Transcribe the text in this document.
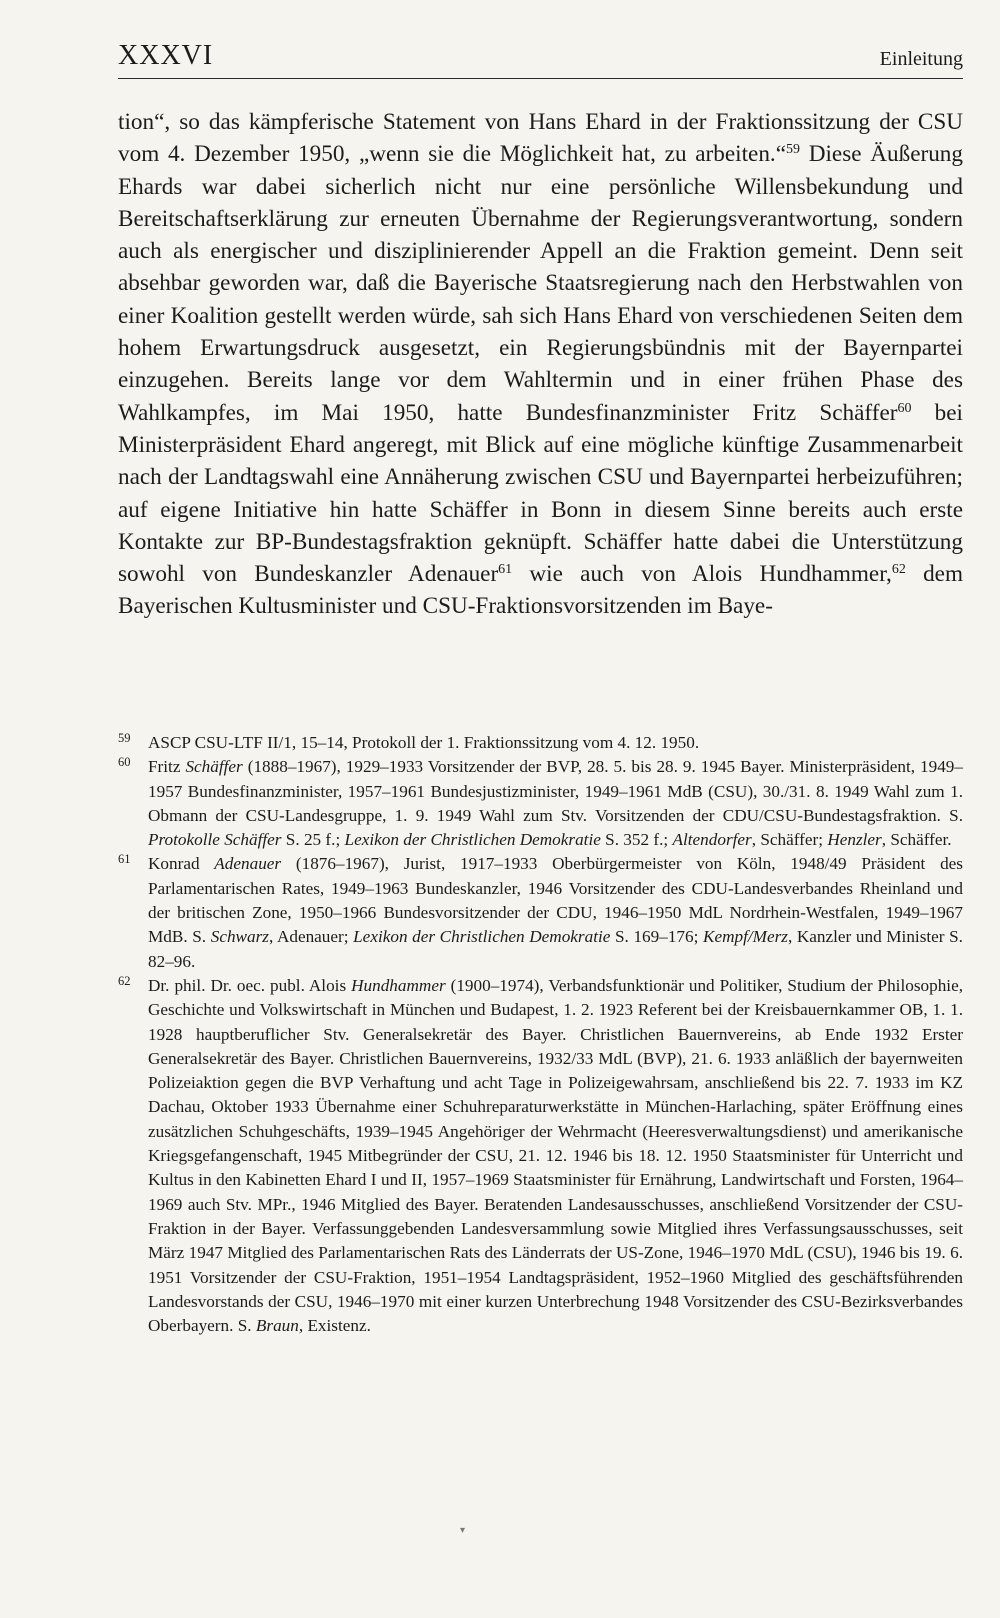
XXXVI	Einleitung

tion“, so das kämpferische Statement von Hans Ehard in der Fraktionssitzung der CSU vom 4. Dezember 1950, „wenn sie die Möglichkeit hat, zu arbeiten.“$^{59}$ Diese Äußerung Ehards war dabei sicherlich nicht nur eine persönliche Willensbekundung und Bereitschaftserklärung zur erneuten Übernahme der Regierungsverantwortung, sondern auch als energischer und disziplinierender Appell an die Fraktion gemeint. Denn seit absehbar geworden war, daß die Bayerische Staatsregierung nach den Herbstwahlen von einer Koalition gestellt werden würde, sah sich Hans Ehard von verschiedenen Seiten dem hohem Erwartungsdruck ausgesetzt, ein Regierungsbündnis mit der Bayernpartei einzugehen. Bereits lange vor dem Wahltermin und in einer frühen Phase des Wahlkampfes, im Mai 1950, hatte Bundesfinanzminister Fritz Schäffer$^{60}$ bei Ministerpräsident Ehard angeregt, mit Blick auf eine mögliche künftige Zusammenarbeit nach der Landtagswahl eine Annäherung zwischen CSU und Bayernpartei herbeizuführen; auf eigene Initiative hin hatte Schäffer in Bonn in diesem Sinne bereits auch erste Kontakte zur BP-Bundestagsfraktion geknüpft. Schäffer hatte dabei die Unterstützung sowohl von Bundeskanzler Adenauer$^{61}$ wie auch von Alois Hundhammer,$^{62}$ dem Bayerischen Kultusminister und CSU-Fraktionsvorsitzenden im Baye-

59 ASCP CSU-LTF II/1, 15–14, Protokoll der 1. Fraktionssitzung vom 4. 12. 1950.
60 Fritz Schäffer (1888–1967), 1929–1933 Vorsitzender der BVP, 28. 5. bis 28. 9. 1945 Bayer. Ministerpräsident, 1949–1957 Bundesfinanzminister, 1957–1961 Bundesjustizminister, 1949–1961 MdB (CSU), 30./31. 8. 1949 Wahl zum 1. Obmann der CSU-Landesgruppe, 1. 9. 1949 Wahl zum Stv. Vorsitzenden der CDU/CSU-Bundestagsfraktion. S. Protokolle Schäffer S. 25 f.; Lexikon der Christlichen Demokratie S. 352 f.; Altendorfer, Schäffer; Henzler, Schäffer.
61 Konrad Adenauer (1876–1967), Jurist, 1917–1933 Oberbürgermeister von Köln, 1948/49 Präsident des Parlamentarischen Rates, 1949–1963 Bundeskanzler, 1946 Vorsitzender des CDU-Landesverbandes Rheinland und der britischen Zone, 1950–1966 Bundesvorsitzender der CDU, 1946–1950 MdL Nordrhein-Westfalen, 1949–1967 MdB. S. Schwarz, Adenauer; Lexikon der Christlichen Demokratie S. 169–176; Kempf/Merz, Kanzler und Minister S. 82–96.
62 Dr. phil. Dr. oec. publ. Alois Hundhammer (1900–1974), Verbandsfunktionär und Politiker, Studium der Philosophie, Geschichte und Volkswirtschaft in München und Budapest, 1. 2. 1923 Referent bei der Kreisbauernkammer OB, 1. 1. 1928 hauptberuflicher Stv. Generalsekretär des Bayer. Christlichen Bauernvereins, ab Ende 1932 Erster Generalsekretär des Bayer. Christlichen Bauernvereins, 1932/33 MdL (BVP), 21. 6. 1933 anläßlich der bayernweiten Polizeiaktion gegen die BVP Verhaftung und acht Tage in Polizeigewahrsam, anschließend bis 22. 7. 1933 im KZ Dachau, Oktober 1933 Übernahme einer Schuhreparaturwerkstätte in München-Harlaching, später Eröffnung eines zusätzlichen Schuhgeschäfts, 1939–1945 Angehöriger der Wehrmacht (Heeresverwaltungsdienst) und amerikanische Kriegsgefangenschaft, 1945 Mitbegründer der CSU, 21. 12. 1946 bis 18. 12. 1950 Staatsminister für Unterricht und Kultus in den Kabinetten Ehard I und II, 1957–1969 Staatsminister für Ernährung, Landwirtschaft und Forsten, 1964–1969 auch Stv. MPr., 1946 Mitglied des Bayer. Beratenden Landesausschusses, anschließend Vorsitzender der CSU-Fraktion in der Bayer. Verfassunggebenden Landesversammlung sowie Mitglied ihres Verfassungsausschusses, seit März 1947 Mitglied des Parlamentarischen Rats des Länderrats der US-Zone, 1946–1970 MdL (CSU), 1946 bis 19. 6. 1951 Vorsitzender der CSU-Fraktion, 1951–1954 Landtagspräsident, 1952–1960 Mitglied des geschäftsführenden Landesvorstands der CSU, 1946–1970 mit einer kurzen Unterbrechung 1948 Vorsitzender des CSU-Bezirksverbandes Oberbayern. S. Braun, Existenz.
▾
